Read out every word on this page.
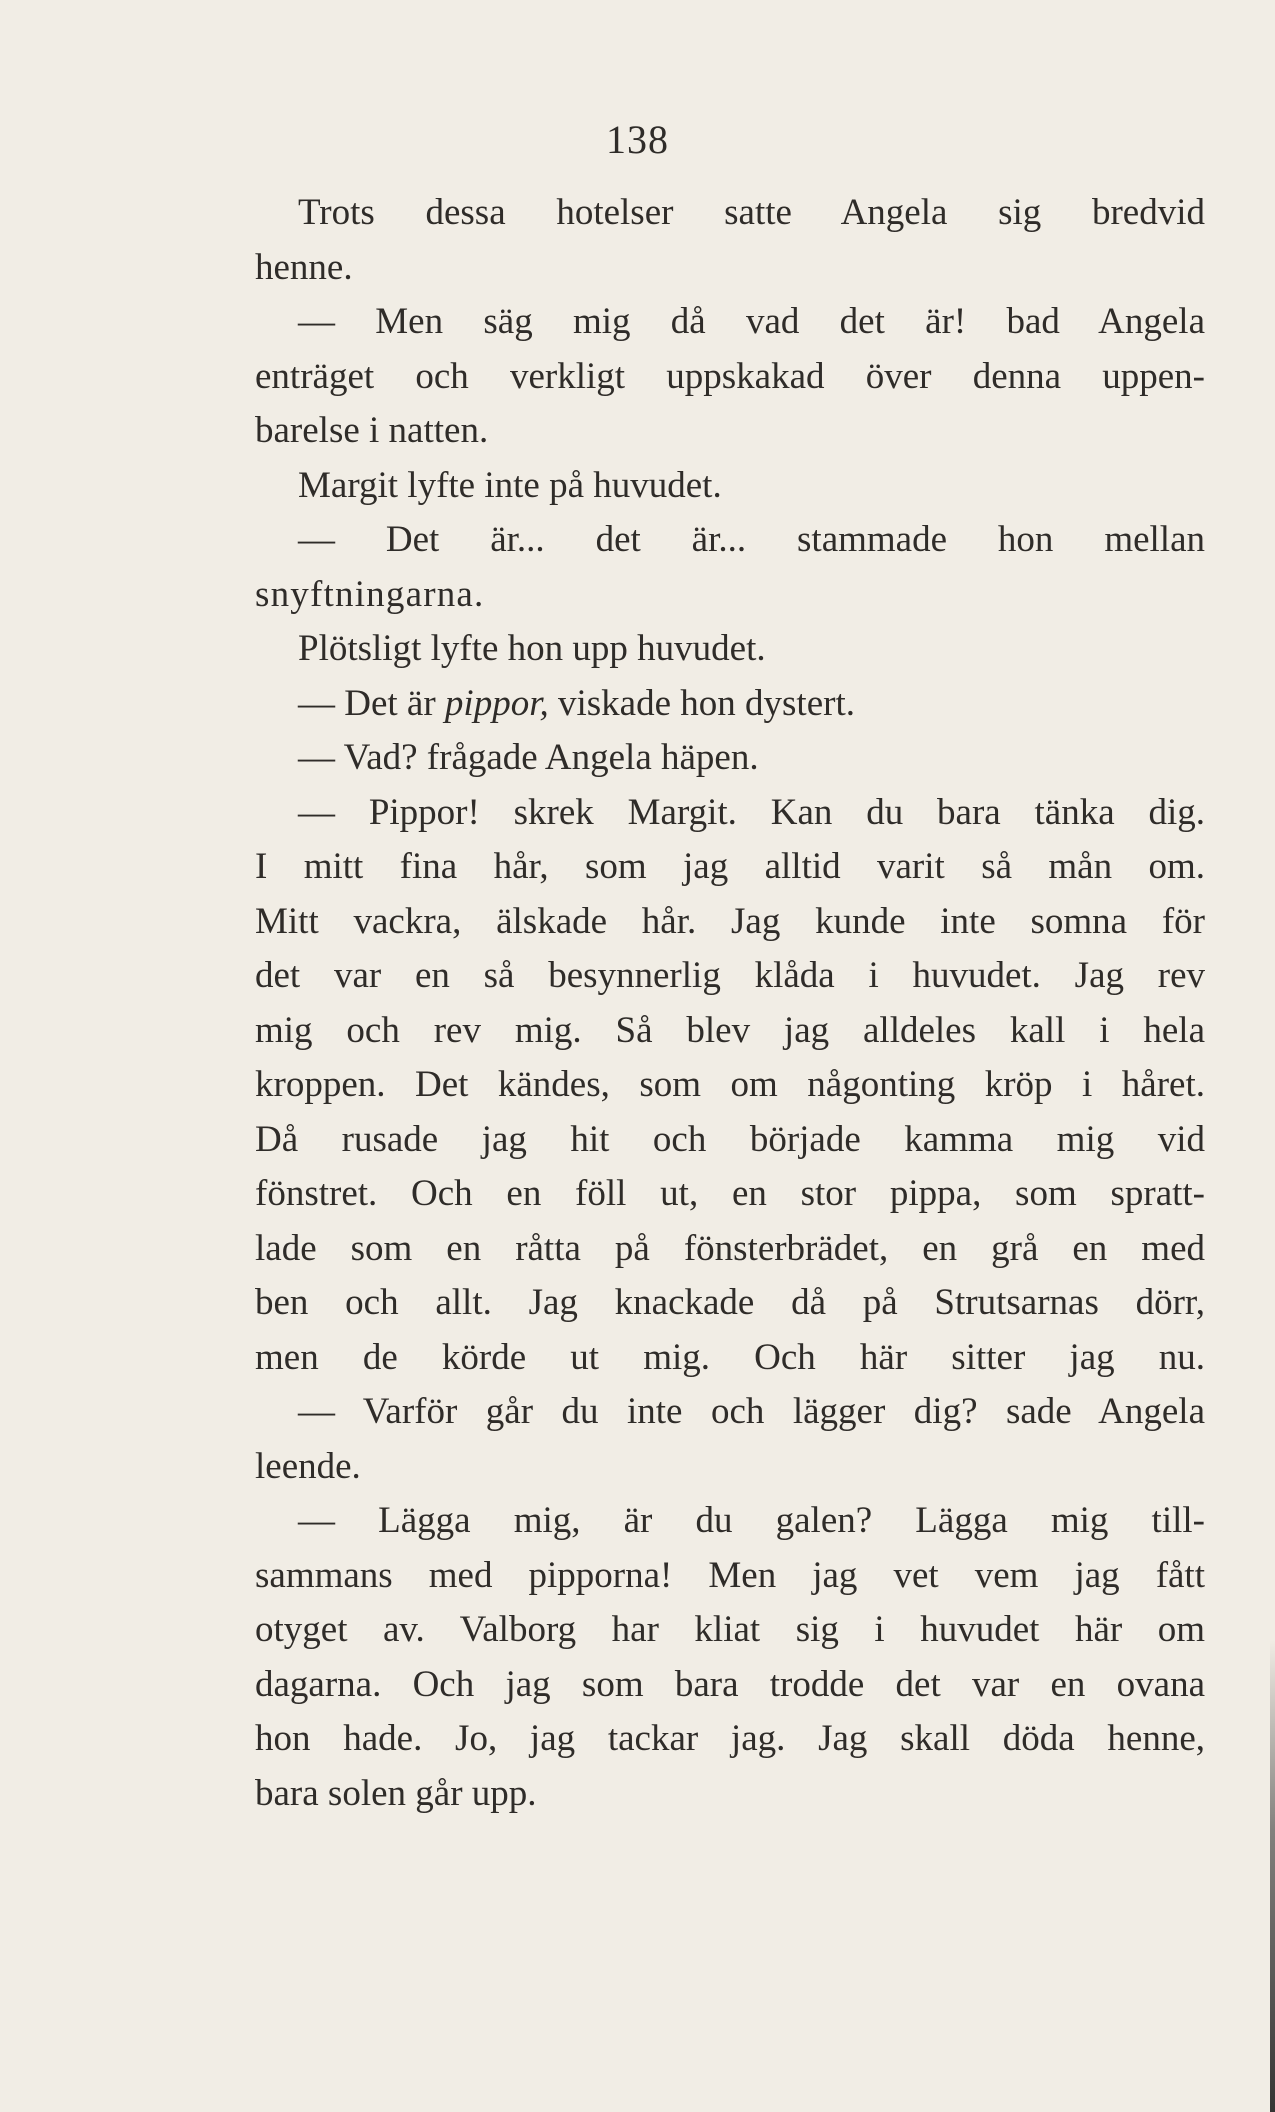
138
Trots dessa hotelser satte Angela sig bredvid
henne.
— Men säg mig då vad det är! bad Angela
enträget och verkligt uppskakad över denna uppen-
barelse i natten.
Margit lyfte inte på huvudet.
— Det är... det är... stammade hon mellan
snyftningarna.
Plötsligt lyfte hon upp huvudet.
— Det är pippor, viskade hon dystert.
— Vad? frågade Angela häpen.
— Pippor! skrek Margit. Kan du bara tänka dig.
I mitt fina hår, som jag alltid varit så mån om.
Mitt vackra, älskade hår. Jag kunde inte somna för
det var en så besynnerlig klåda i huvudet. Jag rev
mig och rev mig. Så blev jag alldeles kall i hela
kroppen. Det kändes, som om någonting kröp i håret.
Då rusade jag hit och började kamma mig vid
fönstret. Och en föll ut, en stor pippa, som spratt-
lade som en råtta på fönsterbrädet, en grå en med
ben och allt. Jag knackade då på Strutsarnas dörr,
men de körde ut mig. Och här sitter jag nu.
— Varför går du inte och lägger dig? sade Angela
leende.
— Lägga mig, är du galen? Lägga mig till-
sammans med pipporna! Men jag vet vem jag fått
otyget av. Valborg har kliat sig i huvudet här om
dagarna. Och jag som bara trodde det var en ovana
hon hade. Jo, jag tackar jag. Jag skall döda henne,
bara solen går upp.
